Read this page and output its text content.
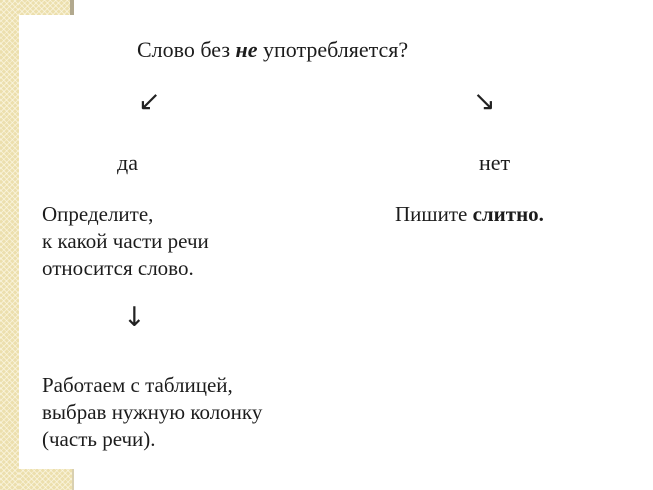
Слово без не употребляется?
↙	↘
да	нет
Определите,
к какой части речи
относится слово.
Пишите слитно.
↓
Работаем с таблицей,
выбрав нужную колонку
(часть речи).
